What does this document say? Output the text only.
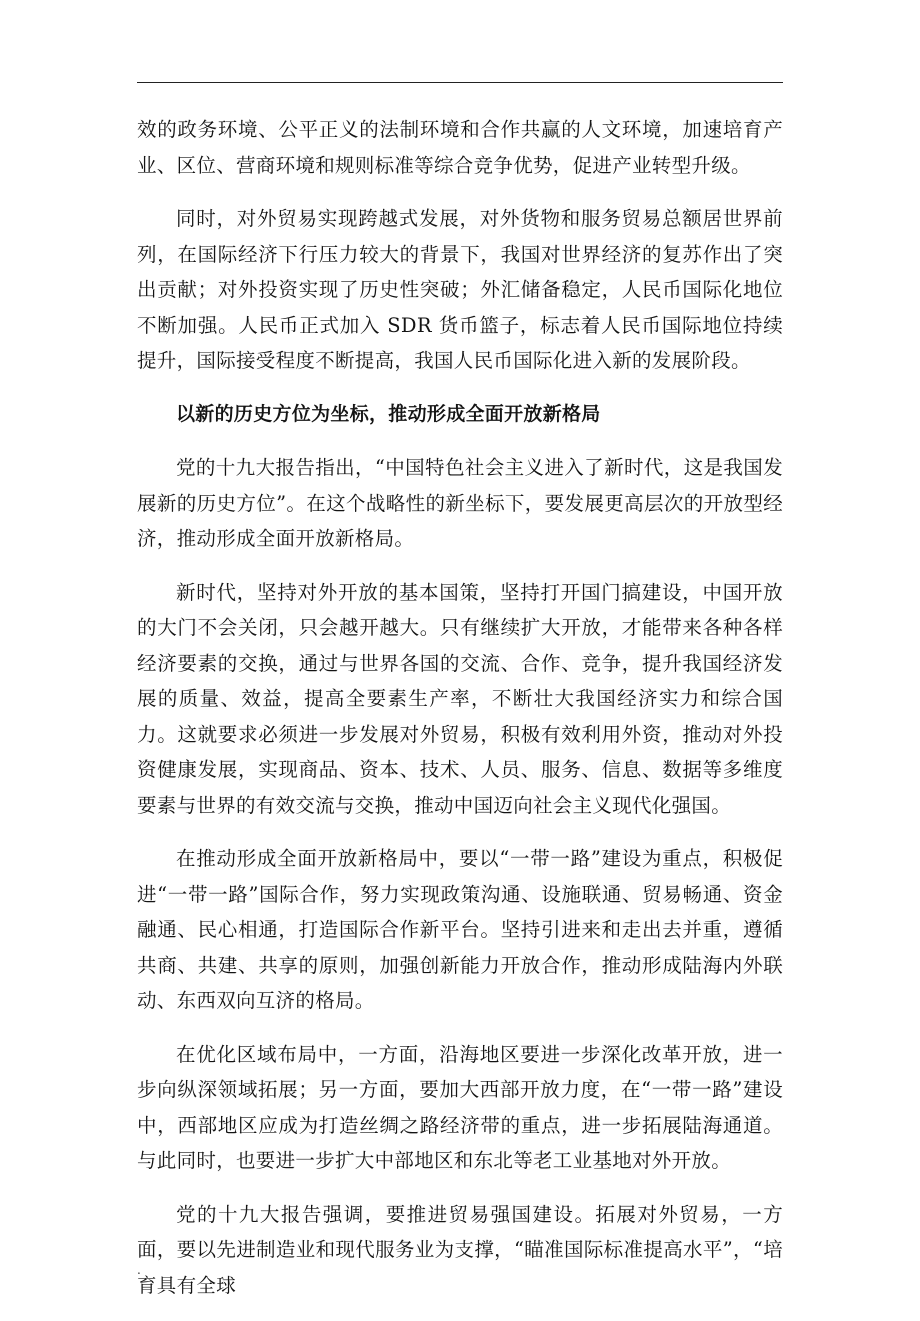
效的政务环境、公平正义的法制环境和合作共赢的人文环境，加速培育产业、区位、营商环境和规则标准等综合竞争优势，促进产业转型升级。

同时，对外贸易实现跨越式发展，对外货物和服务贸易总额居世界前列，在国际经济下行压力较大的背景下，我国对世界经济的复苏作出了突出贡献；对外投资实现了历史性突破；外汇储备稳定，人民币国际化地位不断加强。人民币正式加入 SDR 货币篮子，标志着人民币国际地位持续提升，国际接受程度不断提高，我国人民币国际化进入新的发展阶段。

以新的历史方位为坐标，推动形成全面开放新格局

党的十九大报告指出，“中国特色社会主义进入了新时代，这是我国发展新的历史方位”。在这个战略性的新坐标下，要发展更高层次的开放型经济，推动形成全面开放新格局。

新时代，坚持对外开放的基本国策，坚持打开国门搞建设，中国开放的大门不会关闭，只会越开越大。只有继续扩大开放，才能带来各种各样经济要素的交换，通过与世界各国的交流、合作、竞争，提升我国经济发展的质量、效益，提高全要素生产率，不断壮大我国经济实力和综合国力。这就要求必须进一步发展对外贸易，积极有效利用外资，推动对外投资健康发展，实现商品、资本、技术、人员、服务、信息、数据等多维度要素与世界的有效交流与交换，推动中国迈向社会主义现代化强国。

在推动形成全面开放新格局中，要以“一带一路”建设为重点，积极促进“一带一路”国际合作，努力实现政策沟通、设施联通、贸易畅通、资金融通、民心相通，打造国际合作新平台。坚持引进来和走出去并重，遵循共商、共建、共享的原则，加强创新能力开放合作，推动形成陆海内外联动、东西双向互济的格局。

在优化区域布局中，一方面，沿海地区要进一步深化改革开放，进一步向纵深领域拓展；另一方面，要加大西部开放力度，在“一带一路”建设中，西部地区应成为打造丝绸之路经济带的重点，进一步拓展陆海通道。与此同时，也要进一步扩大中部地区和东北等老工业基地对外开放。

党的十九大报告强调，要推进贸易强国建设。拓展对外贸易，一方面，要以先进制造业和现代服务业为支撑，“瞄准国际标准提高水平”，“培育具有全球

.
